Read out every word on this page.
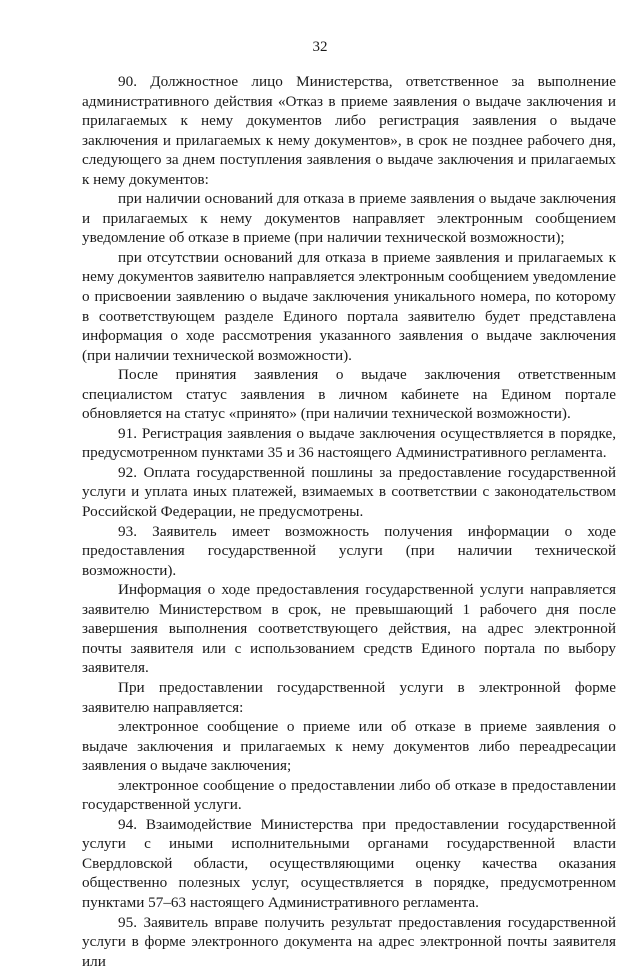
32

90. Должностное лицо Министерства, ответственное за выполнение административного действия «Отказ в приеме заявления о выдаче заключения и прилагаемых к нему документов либо регистрация заявления о выдаче заключения и прилагаемых к нему документов», в срок не позднее рабочего дня, следующего за днем поступления заявления о выдаче заключения и прилагаемых к нему документов:

при наличии оснований для отказа в приеме заявления о выдаче заключения и прилагаемых к нему документов направляет электронным сообщением уведомление об отказе в приеме (при наличии технической возможности);

при отсутствии оснований для отказа в приеме заявления и прилагаемых к нему документов заявителю направляется электронным сообщением уведомление о присвоении заявлению о выдаче заключения уникального номера, по которому в соответствующем разделе Единого портала заявителю будет представлена информация о ходе рассмотрения указанного заявления о выдаче заключения (при наличии технической возможности).

После принятия заявления о выдаче заключения ответственным специалистом статус заявления в личном кабинете на Едином портале обновляется на статус «принято» (при наличии технической возможности).

91. Регистрация заявления о выдаче заключения осуществляется в порядке, предусмотренном пунктами 35 и 36 настоящего Административного регламента.

92. Оплата государственной пошлины за предоставление государственной услуги и уплата иных платежей, взимаемых в соответствии с законодательством Российской Федерации, не предусмотрены.

93. Заявитель имеет возможность получения информации о ходе предоставления государственной услуги (при наличии технической возможности).

Информация о ходе предоставления государственной услуги направляется заявителю Министерством в срок, не превышающий 1 рабочего дня после завершения выполнения соответствующего действия, на адрес электронной почты заявителя или с использованием средств Единого портала по выбору заявителя.

При предоставлении государственной услуги в электронной форме заявителю направляется:

электронное сообщение о приеме или об отказе в приеме заявления о выдаче заключения и прилагаемых к нему документов либо переадресации заявления о выдаче заключения;

электронное сообщение о предоставлении либо об отказе в предоставлении государственной услуги.

94. Взаимодействие Министерства при предоставлении государственной услуги с иными исполнительными органами государственной власти Свердловской области, осуществляющими оценку качества оказания общественно полезных услуг, осуществляется в порядке, предусмотренном пунктами 57–63 настоящего Административного регламента.

95. Заявитель вправе получить результат предоставления государственной услуги в форме электронного документа на адрес электронной почты заявителя или
